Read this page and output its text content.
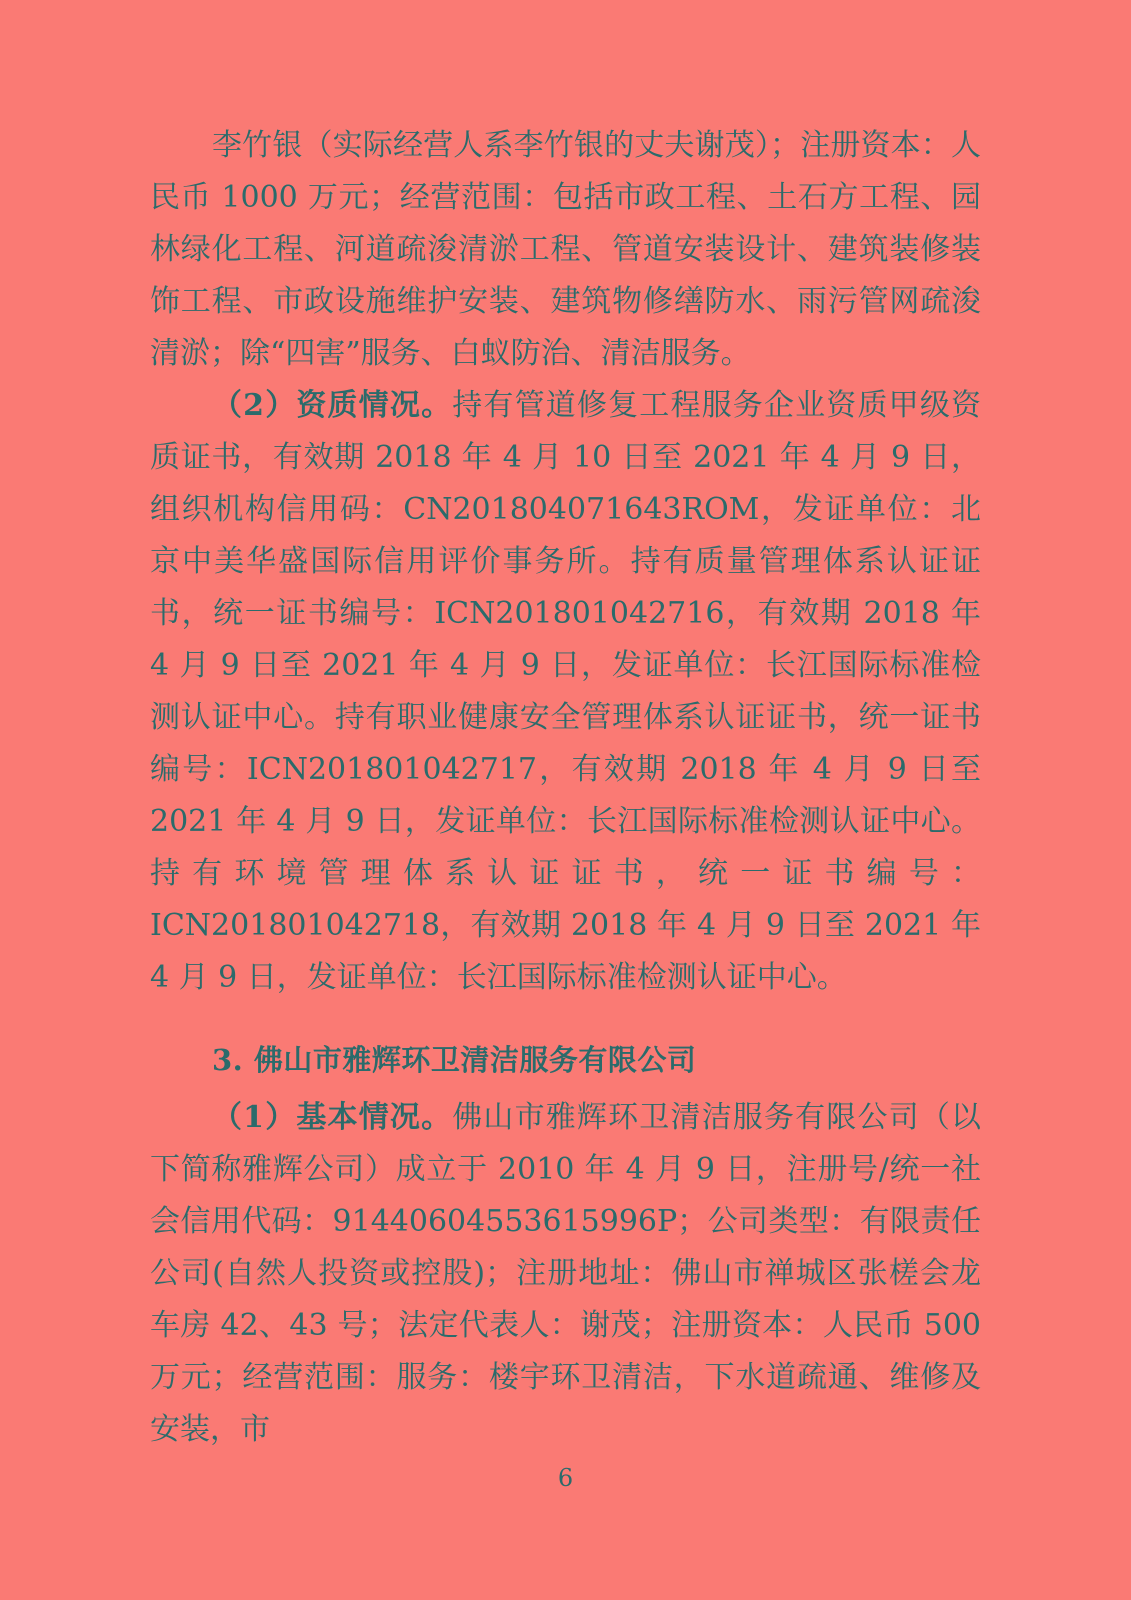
李竹银（实际经营人系李竹银的丈夫谢茂）；注册资本：人民币 1000 万元；经营范围：包括市政工程、土石方工程、园林绿化工程、河道疏浚清淤工程、管道安装设计、建筑装修装饰工程、市政设施维护安装、建筑物修缮防水、雨污管网疏浚清淤；除“四害”服务、白蚁防治、清洁服务。

（2）资质情况。持有管道修复工程服务企业资质甲级资质证书，有效期 2018 年 4 月 10 日至 2021 年 4 月 9 日，组织机构信用码：CN201804071643ROM，发证单位：北京中美华盛国际信用评价事务所。持有质量管理体系认证证书，统一证书编号：ICN201801042716，有效期 2018 年 4 月 9 日至 2021 年 4 月 9 日，发证单位：长江国际标准检测认证中心。持有职业健康安全管理体系认证证书，统一证书编号：ICN201801042717，有效期 2018 年 4 月 9 日至 2021 年 4 月 9 日，发证单位：长江国际标准检测认证中心。持有环境管理体系认证证书，统一证书编号：ICN201801042718，有效期 2018 年 4 月 9 日至 2021 年 4 月 9 日，发证单位：长江国际标准检测认证中心。

3. 佛山市雅辉环卫清洁服务有限公司

（1）基本情况。佛山市雅辉环卫清洁服务有限公司（以下简称雅辉公司）成立于 2010 年 4 月 9 日，注册号/统一社会信用代码：91440604553615996P；公司类型：有限责任公司(自然人投资或控股)；注册地址：佛山市禅城区张槎会龙车房 42、43 号；法定代表人：谢茂；注册资本：人民币 500 万元；经营范围：服务：楼宇环卫清洁，下水道疏通、维修及安装，市

6
